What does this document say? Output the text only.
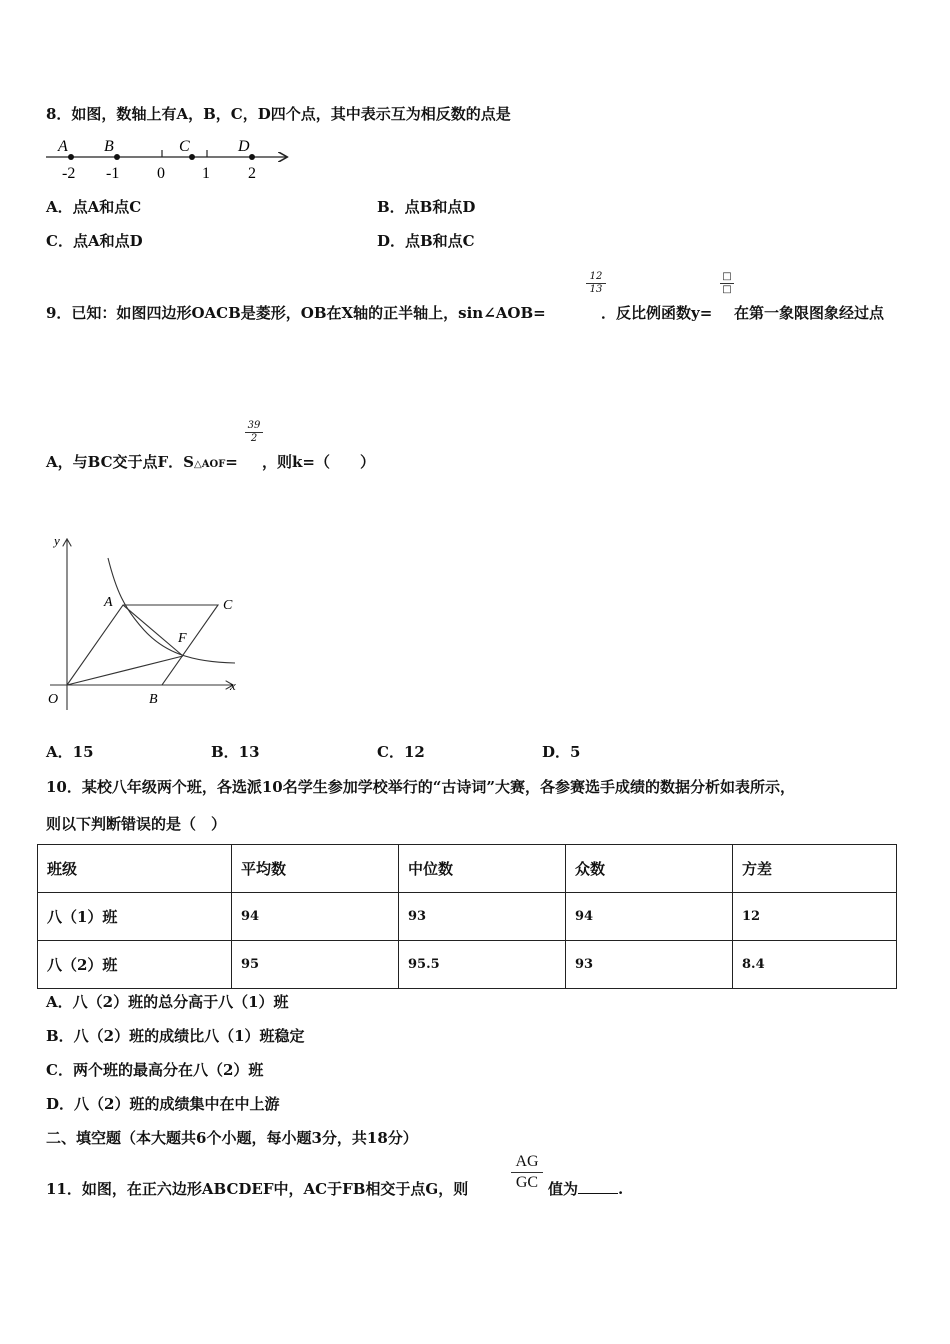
8．如图，数轴上有A，B，C，D四个点，其中表示互为相反数的点是
A B	C	D
-2 -1 0 1 2
A．点A和点C	B．点B和点D
C．点A和点D	D．点B和点C
9．已知：如图四边形OACB是菱形，OB在X轴的正半轴上，sin∠AOB=
$\frac{12}{13}$
．反比例函数y=
□
□
在第一象限图象经过点
A，与BC交于点F．S△AOF=
$\frac{39}{2}$
，则k=（　　）
y
x
A	C
F
O	B
A．15	B．13	C．12	D．5
10．某校八年级两个班，各选派10名学生参加学校举行的“古诗词”大赛，各参赛选手成绩的数据分析如表所示，
则以下判断错误的是（　）
班级	平均数	中位数	众数	方差
八（1）班	94	93	94	12
八（2）班	95	95.5	93	8.4
A．八（2）班的总分高于八（1）班
B．八（2）班的成绩比八（1）班稳定
C．两个班的最高分在八（2）班
D．八（2）班的成绩集中在中上游
二、填空题（本大题共6个小题，每小题3分，共18分）
11．如图，在正六边形ABCDEF中，AC于FB相交于点G，则	$\frac{AG}{GC}$ 值为	.
